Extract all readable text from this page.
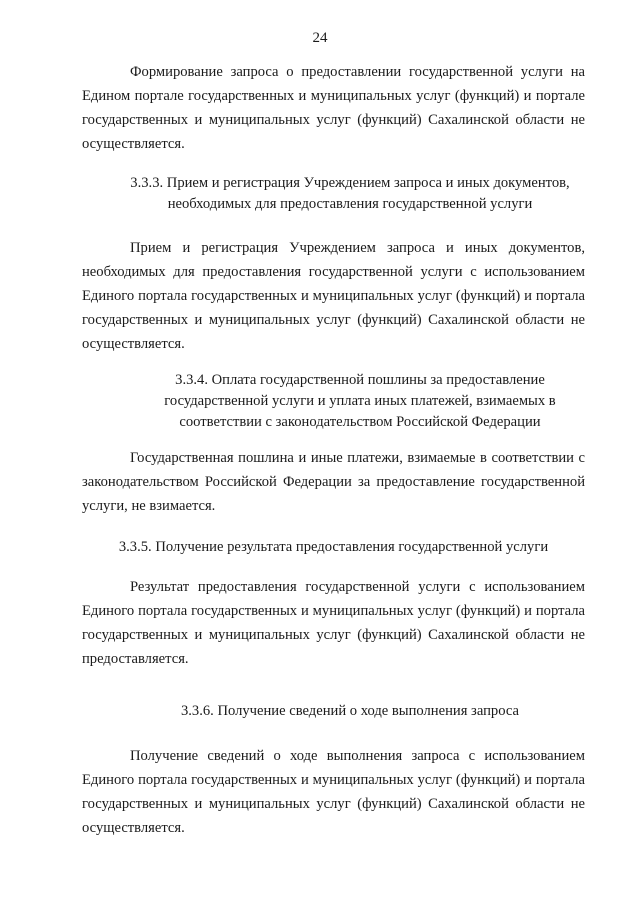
24
Формирование запроса о предоставлении государственной услуги на Едином портале государственных и муниципальных услуг (функций) и портале государственных и муниципальных услуг (функций) Сахалинской области не осуществляется.
3.3.3. Прием и регистрация Учреждением запроса и иных документов,
необходимых для предоставления государственной услуги
Прием и регистрация Учреждением запроса и иных документов, необходимых для предоставления государственной услуги с использованием Единого портала государственных и муниципальных услуг (функций) и портала государственных и муниципальных услуг (функций) Сахалинской области не осуществляется.
3.3.4. Оплата государственной пошлины за предоставление
государственной услуги и уплата иных платежей, взимаемых в
соответствии с законодательством Российской Федерации
Государственная пошлина и иные платежи, взимаемые в соответствии с законодательством Российской Федерации за предоставление государственной услуги, не взимается.
3.3.5. Получение результата предоставления государственной услуги
Результат предоставления государственной услуги с использованием Единого портала государственных и муниципальных услуг (функций) и портала государственных и муниципальных услуг (функций) Сахалинской области не предоставляется.
3.3.6. Получение сведений о ходе выполнения запроса
Получение сведений о ходе выполнения запроса с использованием Единого портала государственных и муниципальных услуг (функций) и портала государственных и муниципальных услуг (функций) Сахалинской области не осуществляется.
